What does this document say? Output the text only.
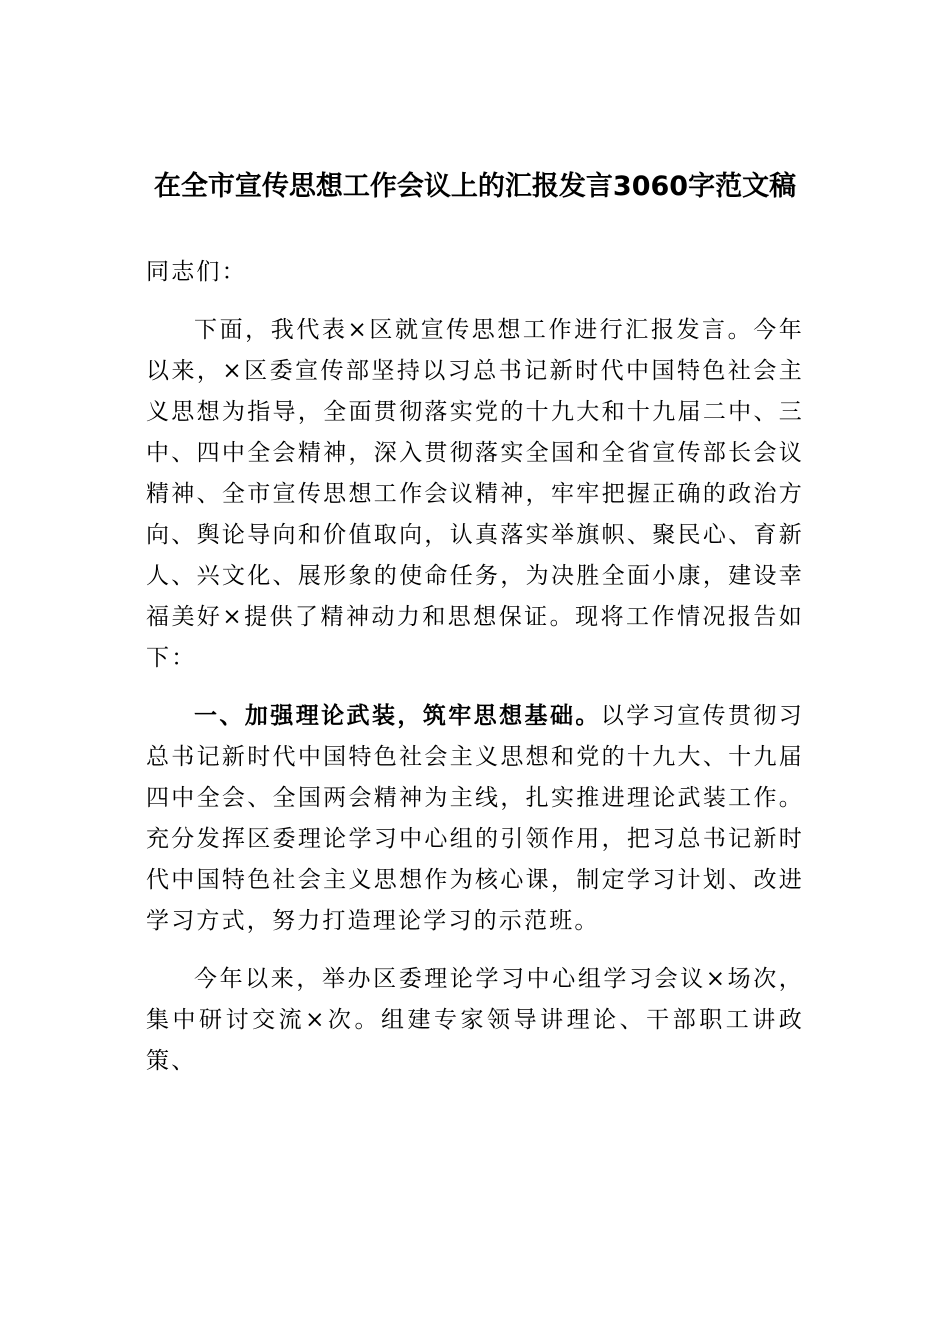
在全市宣传思想工作会议上的汇报发言3060字范文稿

同志们：

下面，我代表×区就宣传思想工作进行汇报发言。今年以来，×区委宣传部坚持以习总书记新时代中国特色社会主义思想为指导，全面贯彻落实党的十九大和十九届二中、三中、四中全会精神，深入贯彻落实全国和全省宣传部长会议精神、全市宣传思想工作会议精神，牢牢把握正确的政治方向、舆论导向和价值取向，认真落实举旗帜、聚民心、育新人、兴文化、展形象的使命任务，为决胜全面小康，建设幸福美好×提供了精神动力和思想保证。现将工作情况报告如下：

一、加强理论武装，筑牢思想基础。以学习宣传贯彻习总书记新时代中国特色社会主义思想和党的十九大、十九届四中全会、全国两会精神为主线，扎实推进理论武装工作。充分发挥区委理论学习中心组的引领作用，把习总书记新时代中国特色社会主义思想作为核心课，制定学习计划、改进学习方式，努力打造理论学习的示范班。

今年以来，举办区委理论学习中心组学习会议×场次，集中研讨交流×次。组建专家领导讲理论、干部职工讲政策、
